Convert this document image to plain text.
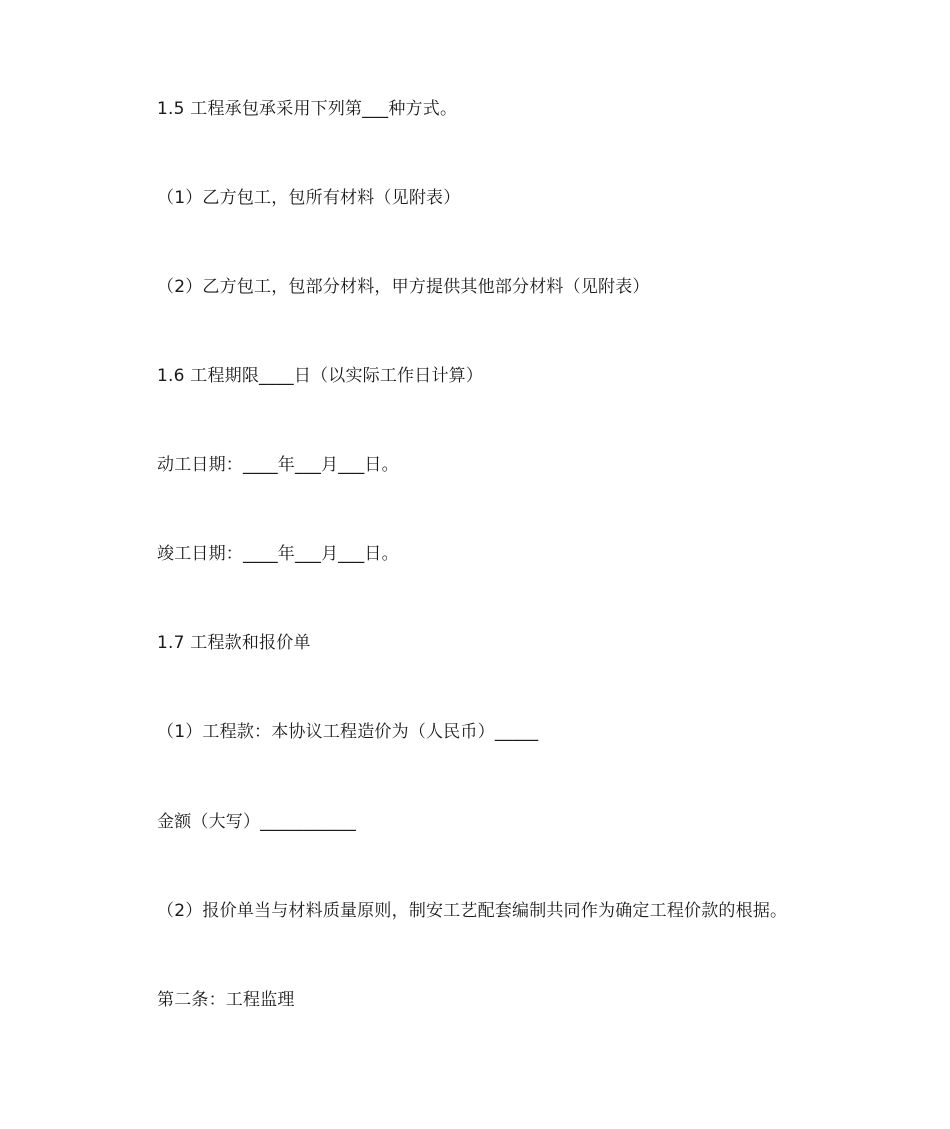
1.5 工程承包承采用下列第___种方式。
（1）乙方包工，包所有材料（见附表）
（2）乙方包工，包部分材料，甲方提供其他部分材料（见附表）
1.6 工程期限____日（以实际工作日计算）
动工日期：____年___月___日。
竣工日期：____年___月___日。
1.7 工程款和报价单
（1）工程款：本协议工程造价为（人民币）_____
金额（大写）___________
（2）报价单当与材料质量原则，制安工艺配套编制共同作为确定工程价款的根据。
第二条：工程监理
